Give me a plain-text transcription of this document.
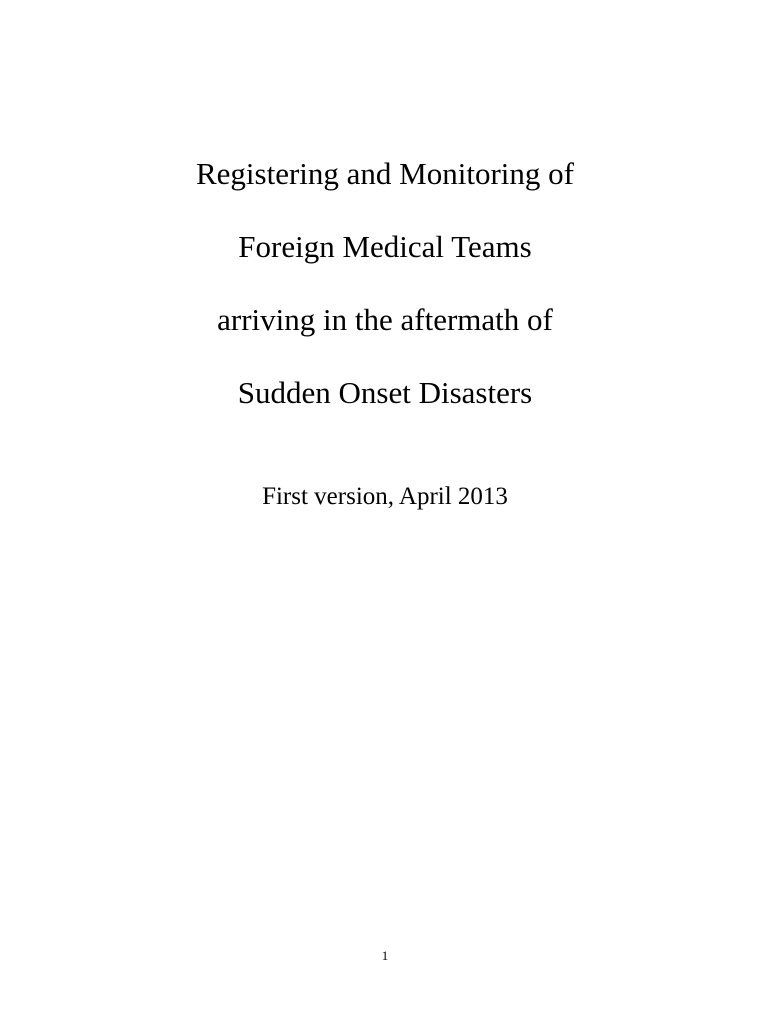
Registering and Monitoring of
Foreign Medical Teams
arriving in the aftermath of
Sudden Onset Disasters
First version, April 2013
1
